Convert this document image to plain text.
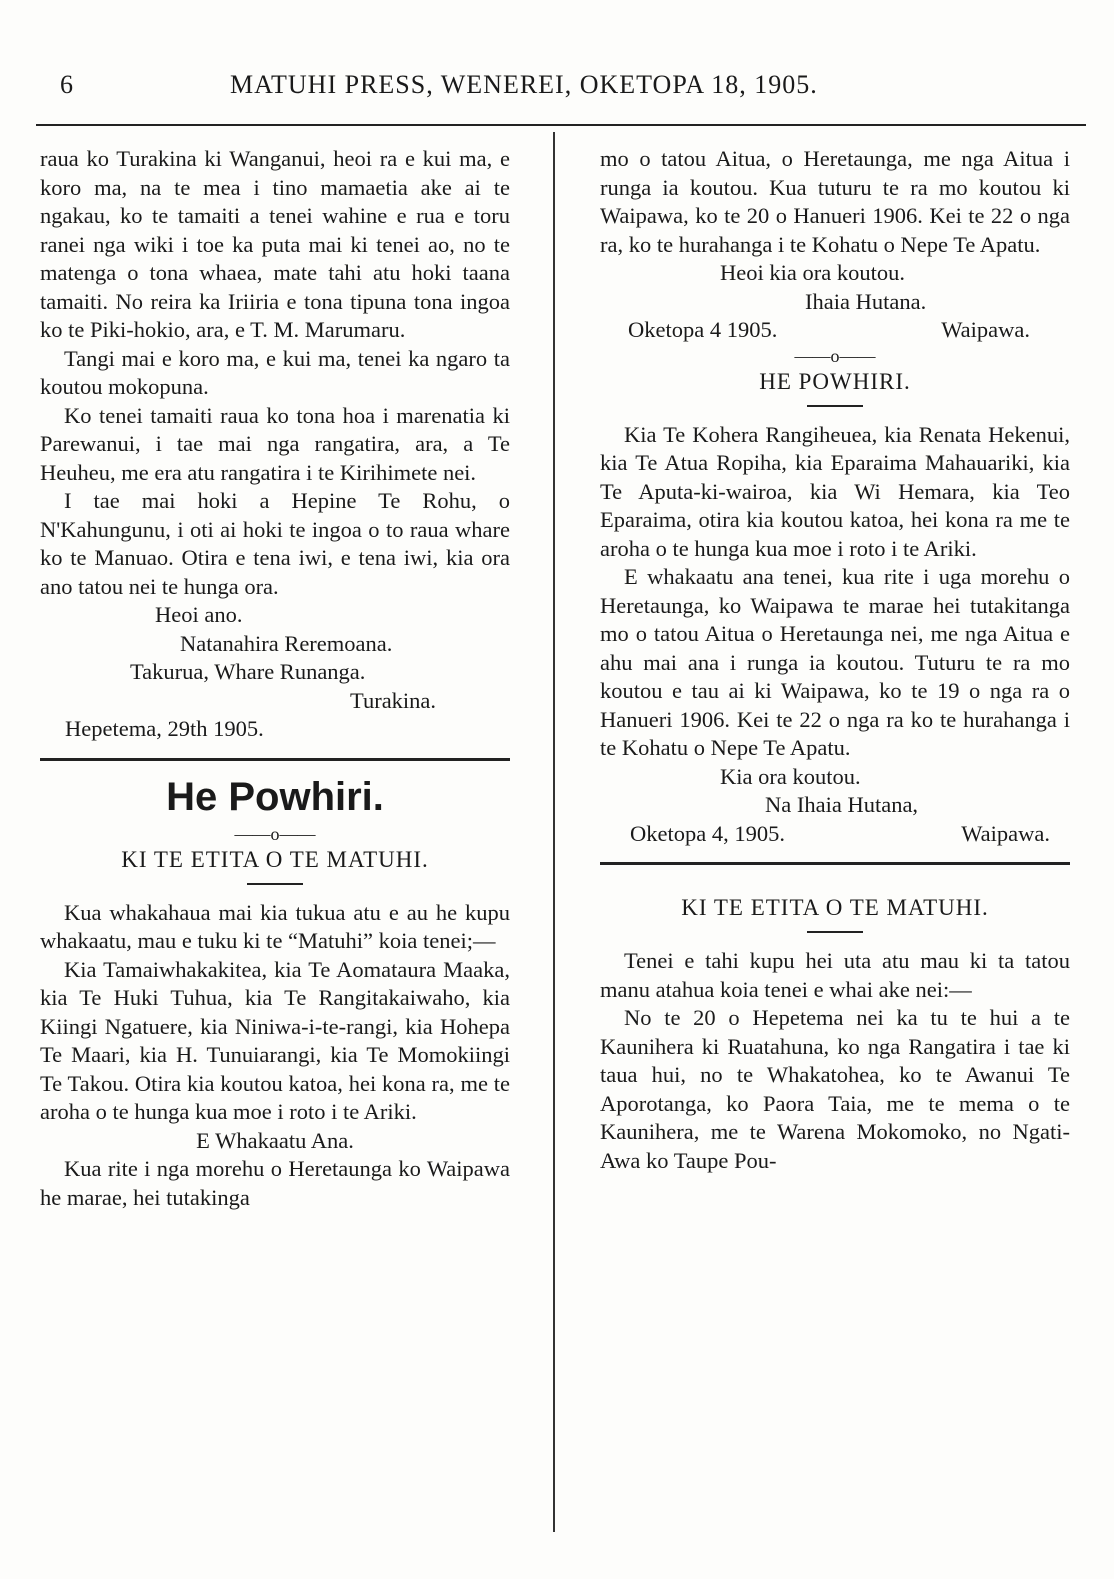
6	MATUHI PRESS, WENEREI, OKETOPA 18, 1905.

raua ko Turakina ki Wanganui, heoi ra e kui ma, e koro ma, na te mea i tino mamaetia ake ai te ngakau, ko te tamaiti a tenei wahine e rua e toru ranei nga wiki i toe ka puta mai ki tenei ao, no te matenga o tona whaea, mate tahi atu hoki taana tamaiti. No reira ka Iriiria e tona tipuna tona ingoa ko te Piki-hokio, ara, e T. M. Marumaru.

Tangi mai e koro ma, e kui ma, tenei ka ngaro ta koutou mokopuna.

Ko tenei tamaiti raua ko tona hoa i marenatia ki Parewanui, i tae mai nga rangatira, ara, a Te Heuheu, me era atu rangatira i te Kirihimete nei.

I tae mai hoki a Hepine Te Rohu, o N'Kahungunu, i oti ai hoki te ingoa o to raua whare ko te Manuao. Otira e tena iwi, e tena iwi, kia ora ano tatou nei te hunga ora.

Heoi ano.
Natanahira Reremoana.
Takurua, Whare Runanga.
Turakina.
Hepetema, 29th 1905.
He Powhiri.
——o——
KI TE ETITA O TE MATUHI.

Kua whakahaua mai kia tukua atu e au he kupu whakaatu, mau e tuku ki te “Matuhi” koia tenei;—

Kia Tamaiwhakakitea, kia Te Aomataura Maaka, kia Te Huki Tuhua, kia Te Rangitakaiwaho, kia Kiingi Ngatuere, kia Niniwa-i-te-rangi, kia Hohepa Te Maari, kia H. Tunuiarangi, kia Te Momokiingi Te Takou. Otira kia koutou katoa, hei kona ra, me te aroha o te hunga kua moe i roto i te Ariki.

E Whakaatu Ana.

Kua rite i nga morehu o Heretaunga ko Waipawa he marae, hei tutakinga

mo o tatou Aitua, o Heretaunga, me nga Aitua i runga ia koutou. Kua tuturu te ra mo koutou ki Waipawa, ko te 20 o Hanueri 1906. Kei te 22 o nga ra, ko te hurahanga i te Kohatu o Nepe Te Apatu.

Heoi kia ora koutou.
Ihaia Hutana.
Oketopa 4 1905.	Waipawa.
——o——
HE POWHIRI.

Kia Te Kohera Rangiheuea, kia Renata Hekenui, kia Te Atua Ropiha, kia Eparaima Mahauariki, kia Te Aputa-ki-wairoa, kia Wi Hemara, kia Teo Eparaima, otira kia koutou katoa, hei kona ra me te aroha o te hunga kua moe i roto i te Ariki.

E whakaatu ana tenei, kua rite i uga morehu o Heretaunga, ko Waipawa te marae hei tutakitanga mo o tatou Aitua o Heretaunga nei, me nga Aitua e ahu mai ana i runga ia koutou. Tuturu te ra mo koutou e tau ai ki Waipawa, ko te 19 o nga ra o Hanueri 1906. Kei te 22 o nga ra ko te hurahanga i te Kohatu o Nepe Te Apatu.

Kia ora koutou.
Na Ihaia Hutana,
Oketopa 4, 1905.	Waipawa.
KI TE ETITA O TE MATUHI.

Tenei e tahi kupu hei uta atu mau ki ta tatou manu atahua koia tenei e whai ake nei:—

No te 20 o Hepetema nei ka tu te hui a te Kaunihera ki Ruatahuna, ko nga Rangatira i tae ki taua hui, no te Whakatohea, ko te Awanui Te Aporotanga, ko Paora Taia, me te mema o te Kaunihera, me te Warena Mokomoko, no Ngati-Awa ko Taupe Pou-
